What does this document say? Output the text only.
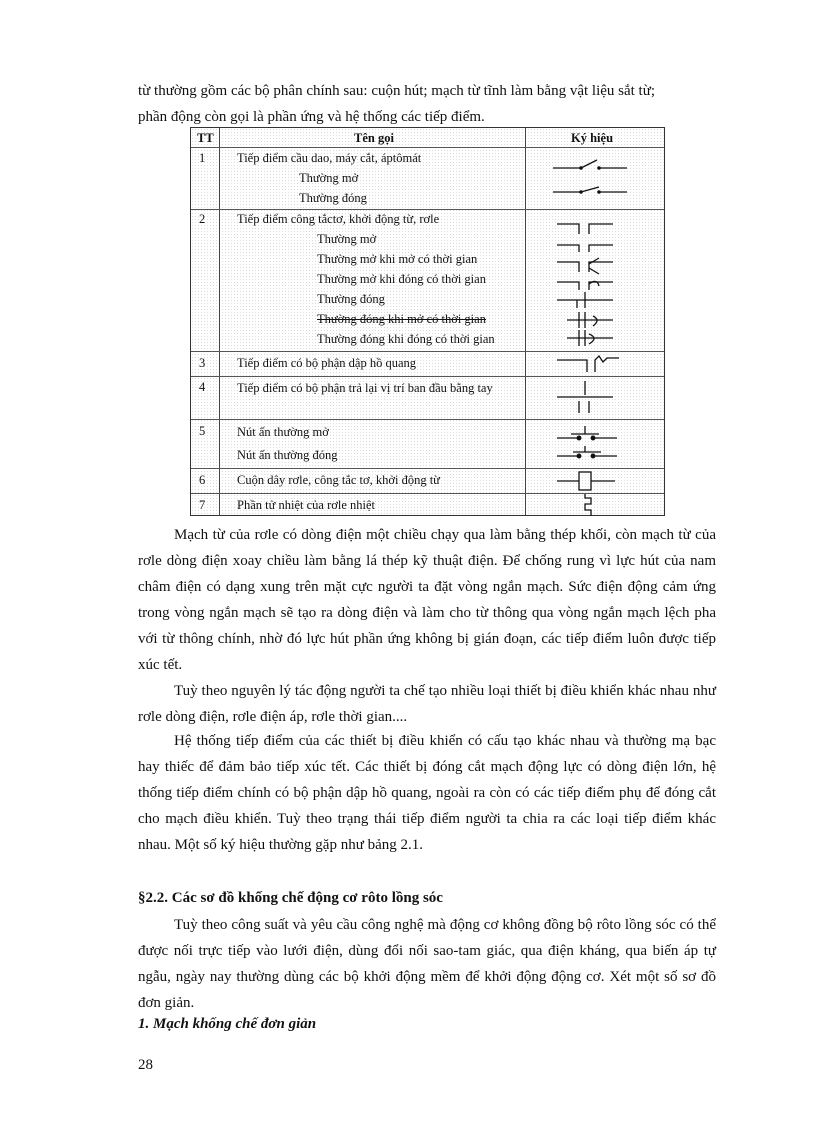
từ thường gồm các bộ phân chính sau: cuộn hút; mạch từ tĩnh làm bằng vật liệu sắt từ;

phần động còn gọi là phần ứng và hệ thống các tiếp điểm.

TT	Tên gọi	Ký hiệu
1	Tiếp điểm cầu dao, máy cắt, áptômát
Thường mở
Thường đóng
2	Tiếp điểm công tắctơ, khởi động từ, rơle
Thường mở
Thường mở khi mở có thời gian
Thường mở khi đóng có thời gian
Thường đóng
Thường đóng khi mở có thời gian
Thường đóng khi đóng có thời gian
3	Tiếp điểm có bộ phận dập hồ quang
4	Tiếp điểm có bộ phận trả lại vị trí ban đầu bằng tay
5	Nút ấn thường mở
Nút ấn thường đóng
6	Cuộn dây rơle, công tắc tơ, khởi động từ
7	Phần tử nhiệt của rơle nhiệt

Mạch từ của rơle có dòng điện một chiều chạy qua làm bằng thép khối, còn mạch từ của rơle dòng điện xoay chiều làm bằng lá thép kỹ thuật điện. Để chống rung vì lực hút của nam châm điện có dạng xung trên mặt cực người ta đặt vòng ngắn mạch. Sức điện động cảm ứng trong vòng ngắn mạch sẽ tạo ra dòng điện và làm cho từ thông qua vòng ngắn mạch lệch pha với từ thông chính, nhờ đó lực hút phần ứng không bị gián đoạn, các tiếp điểm luôn được tiếp xúc tết.

Tuỳ theo nguyên lý tác động người ta chế tạo nhiều loại thiết bị điều khiển khác nhau như rơle dòng điện, rơle điện áp, rơle thời gian....

Hệ thống tiếp điểm của các thiết bị điều khiển có cấu tạo khác nhau và thường mạ bạc hay thiếc để đảm bảo tiếp xúc tết. Các thiết bị đóng cắt mạch động lực có dòng điện lớn, hệ thống tiếp điểm chính có bộ phận dập hồ quang, ngoài ra còn có các tiếp điểm phụ để đóng cắt cho mạch điều khiển. Tuỳ theo trạng thái tiếp điểm người ta chia ra các loại tiếp điểm khác nhau. Một số ký hiệu thường gặp như bảng 2.1.

§2.2. Các sơ đồ khống chế động cơ rôto lồng sóc

Tuỳ theo công suất và yêu cầu công nghệ mà động cơ không đồng bộ rôto lồng sóc có thể được nối trực tiếp vào lưới điện, dùng đổi nối sao-tam giác, qua điện kháng, qua biến áp tự ngẫu, ngày nay thường dùng các bộ khởi động mềm để khởi động động cơ. Xét một số sơ đồ đơn giản.

1. Mạch khống chế đơn giản
28
